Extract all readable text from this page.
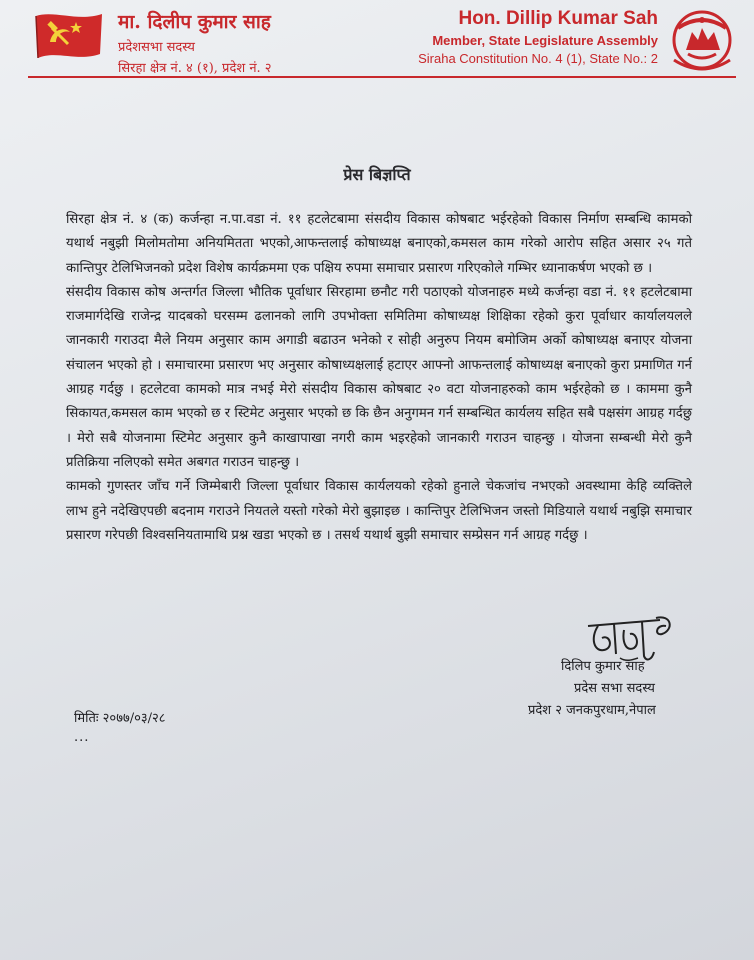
मा. दिलीप कुमार साह
प्रदेशसभा सदस्य
सिरहा क्षेत्र नं. ४ (१), प्रदेश नं. २
Hon. Dillip Kumar Sah
Member, State Legislature Assembly
Siraha Constitution No. 4 (1), State No.: 2
प्रेस बिज्ञप्ति

सिरहा क्षेत्र नं. ४ (क) कर्जन्हा न.पा.वडा नं. ११ हटलेटबामा संसदीय विकास कोषबाट भईरहेको विकास निर्माण सम्बन्धि कामको यथार्थ नबुझी मिलोमतोमा अनियमितता भएको,आफन्तलाई कोषाध्यक्ष बनाएको,कमसल काम गरेको आरोप सहित असार २५ गते कान्तिपुर टेलिभिजनको प्रदेश विशेष कार्यक्रममा एक पक्षिय रुपमा समाचार प्रसारण गरिएकोले गम्भिर ध्यानाकर्षण भएको छ ।

संसदीय विकास कोष अन्तर्गत जिल्ला भौतिक पूर्वाधार सिरहामा छनौट गरी पठाएको योजनाहरु मध्ये कर्जन्हा वडा नं. ११ हटलेटबामा राजमार्गदेखि राजेन्द्र यादबको घरसम्म ढलानको लागि उपभोक्ता समितिमा कोषाध्यक्ष शिक्षिका रहेको कुरा पूर्वाधार कार्यालयलले जानकारी गराउदा मैले नियम अनुसार काम अगाडी बढाउन भनेको र सोही अनुरुप नियम बमोजिम अर्को कोषाध्यक्ष बनाएर योजना संचालन भएको हो । समाचारमा प्रसारण भए अनुसार कोषाध्यक्षलाई हटाएर आफ्नो आफन्तलाई कोषाध्यक्ष बनाएको कुरा प्रमाणित गर्न आग्रह गर्दछु । हटलेटवा कामको मात्र नभई मेरो संसदीय विकास कोषबाट २० वटा योजनाहरुको काम भईरहेको छ । काममा कुनै सिकायत,कमसल काम भएको छ र स्टिमेट अनुसार भएको छ कि छैन अनुगमन गर्न सम्बन्धित कार्यलय सहित सबै पक्षसंग आग्रह गर्दछु । मेरो सबै योजनामा स्टिमेट अनुसार कुनै काखापाखा नगरी काम भइरहेको जानकारी गराउन चाहन्छु । योजना सम्बन्धी मेरो कुनै प्रतिक्रिया नलिएको समेत अबगत गराउन चाहन्छु ।

कामको गुणस्तर जाँच गर्ने जिम्मेबारी जिल्ला पूर्वाधार विकास कार्यलयको रहेको हुनाले चेकजांच नभएको अवस्थामा केहि व्यक्तिले लाभ हुने नदेखिएपछी बदनाम गराउने नियतले यस्तो गरेको मेरो बुझाइछ । कान्तिपुर टेलिभिजन जस्तो मिडियाले यथार्थ नबुझि समाचार प्रसारण गरेपछी विश्वसनियतामाथि प्रश्न खडा भएको छ । तसर्थ यथार्थ बुझी समाचार सम्प्रेसन गर्न आग्रह गर्दछु ।

दिलिप कुमार साह
प्रदेस सभा सदस्य
प्रदेश २ जनकपुरधाम,नेपाल
मितिः २०७७/०३/२८
...
